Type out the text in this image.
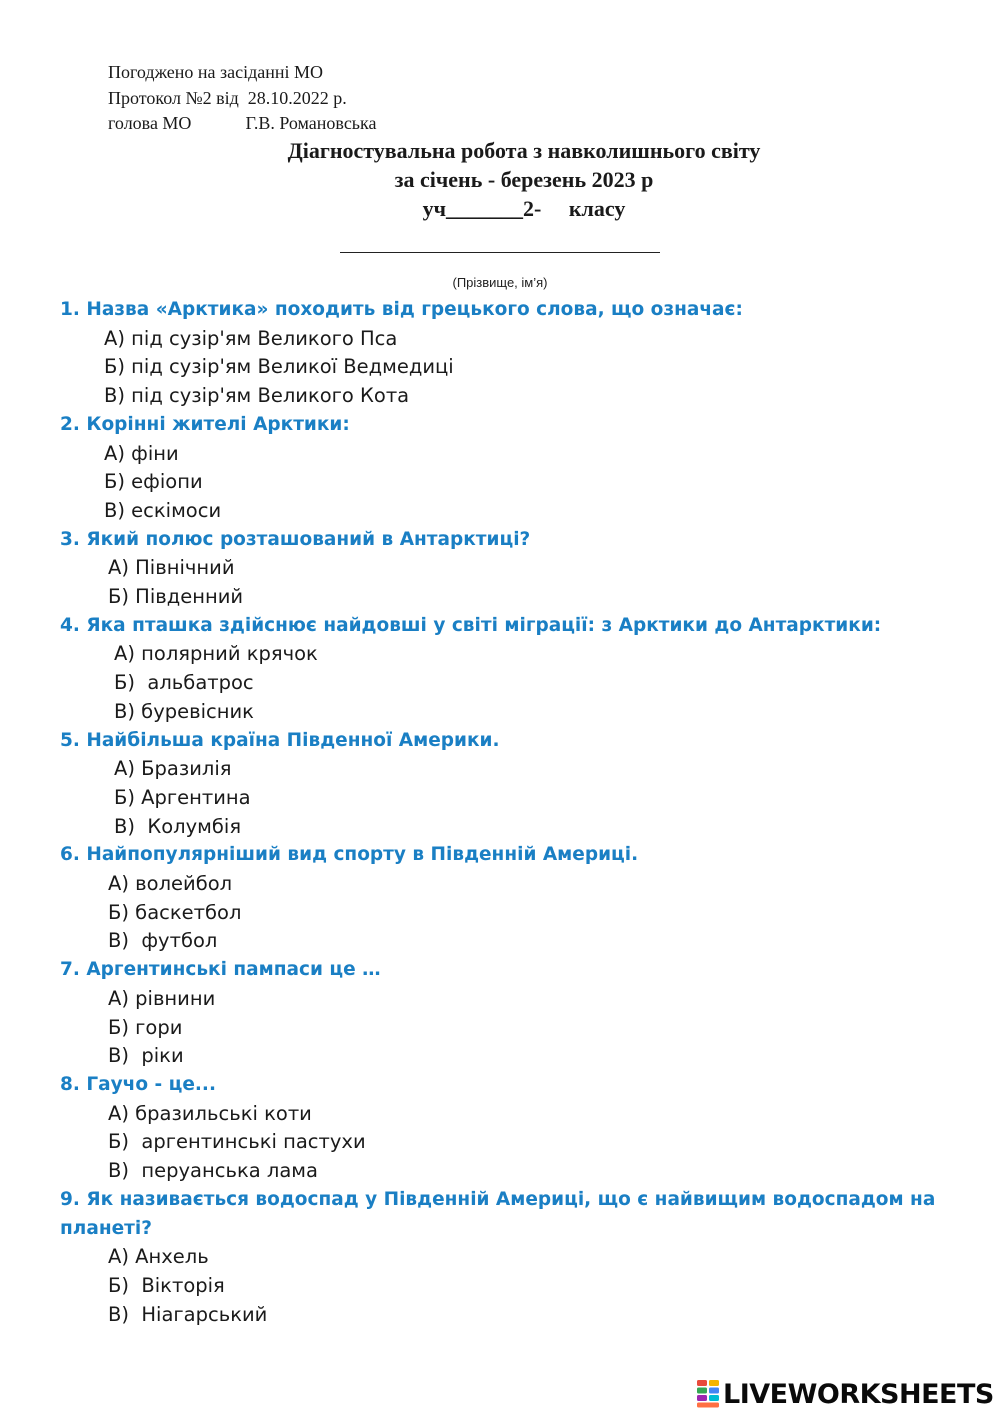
Погоджено на засіданні МО
Протокол №2 від  28.10.2022 р.
голова МО	Г.В. Романовська
Діагностувальна робота з навколишнього світу
за січень - березень 2023 р
уч_______2-     класу
(Прізвище, ім’я)
1. Назва «Арктика» походить від грецького слова, що означає:
А) під сузір'ям Великого Пса
Б) під сузір'ям Великої Ведмедиці
В) під сузір'ям Великого Кота
2. Корінні жителі Арктики:
А) фіни
Б) ефіопи
В) ескімоси
3. Який полюс розташований в Антарктиці?
А) Північний
Б) Південний
4. Яка пташка здійснює найдовші у світі міграції: з Арктики до Антарктики:
А) полярний крячок
Б)  альбатрос
В) буревісник
5. Найбільша країна Південної Америки.
А) Бразилія
Б) Аргентина
В)  Колумбія
6. Найпопулярніший вид спорту в Південній Америці.
А) волейбол
Б) баскетбол
В)  футбол
7. Аргентинські пампаси це …
А) рівнини
Б) гори
В)  ріки
8. Гаучо - це...
А) бразильські коти
Б)  аргентинські пастухи
В)  перуанська лама
9. Як називається водоспад у Південній Америці, що є найвищим водоспадом на планеті?
А) Анхель
Б)  Вікторія
В)  Ніагарський
LIVEWORKSHEETS
